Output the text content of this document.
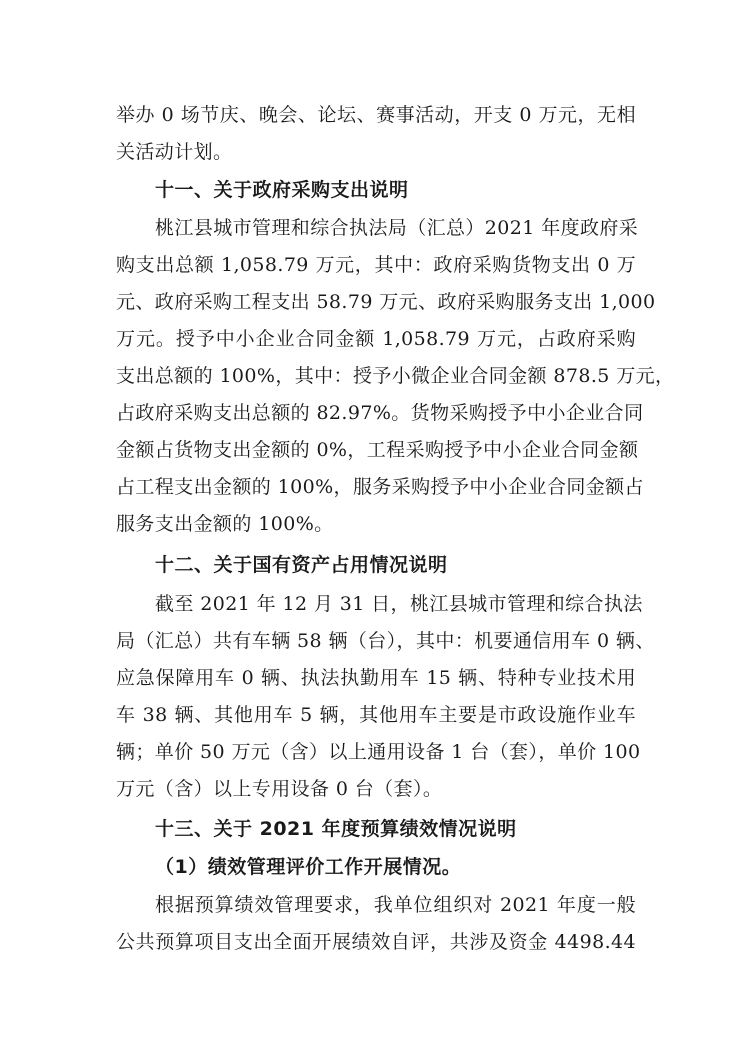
举办 0 场节庆、晚会、论坛、赛事活动，开支 0 万元，无相
关活动计划。
十一、关于政府采购支出说明
桃江县城市管理和综合执法局（汇总）2021 年度政府采
购支出总额 1,058.79 万元，其中：政府采购货物支出 0 万
元、政府采购工程支出 58.79 万元、政府采购服务支出 1,000
万元。授予中小企业合同金额 1,058.79 万元，占政府采购
支出总额的 100%，其中：授予小微企业合同金额 878.5 万元，
占政府采购支出总额的 82.97%。货物采购授予中小企业合同
金额占货物支出金额的 0%，工程采购授予中小企业合同金额
占工程支出金额的 100%，服务采购授予中小企业合同金额占
服务支出金额的 100%。
十二、关于国有资产占用情况说明
截至 2021 年 12 月 31 日，桃江县城市管理和综合执法
局（汇总）共有车辆 58 辆（台），其中：机要通信用车 0 辆、
应急保障用车 0 辆、执法执勤用车 15 辆、特种专业技术用
车 38 辆、其他用车 5 辆，其他用车主要是市政设施作业车
辆；单价 50 万元（含）以上通用设备 1 台（套），单价 100
万元（含）以上专用设备 0 台（套）。
十三、关于 2021 年度预算绩效情况说明
（1）绩效管理评价工作开展情况。
根据预算绩效管理要求，我单位组织对 2021 年度一般
公共预算项目支出全面开展绩效自评，共涉及资金 4498.44
